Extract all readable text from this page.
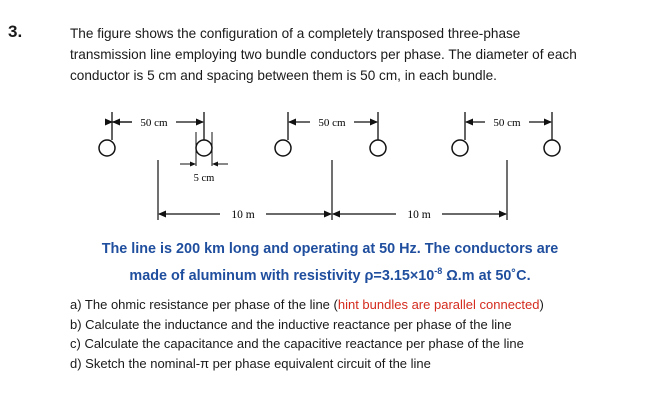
3.	The figure shows the configuration of a completely transposed three-phase
transmission line employing two bundle conductors per phase. The diameter of each
conductor is 5 cm and spacing between them is 50 cm, in each bundle.
50 cm
5 cm
50 cm	50 cm
10 m	10 m
The line is 200 km long and operating at 50 Hz. The conductors are
made of aluminum with resistivity $\rho=3.15\times 10^{-8}$ Ω.m at 50˚C.
a) The ohmic resistance per phase of the line (hint bundles are parallel connected)
b) Calculate the inductance and the inductive reactance per phase of the line
c) Calculate the capacitance and the capacitive reactance per phase of the line
d) Sketch the nominal-π per phase equivalent circuit of the line
